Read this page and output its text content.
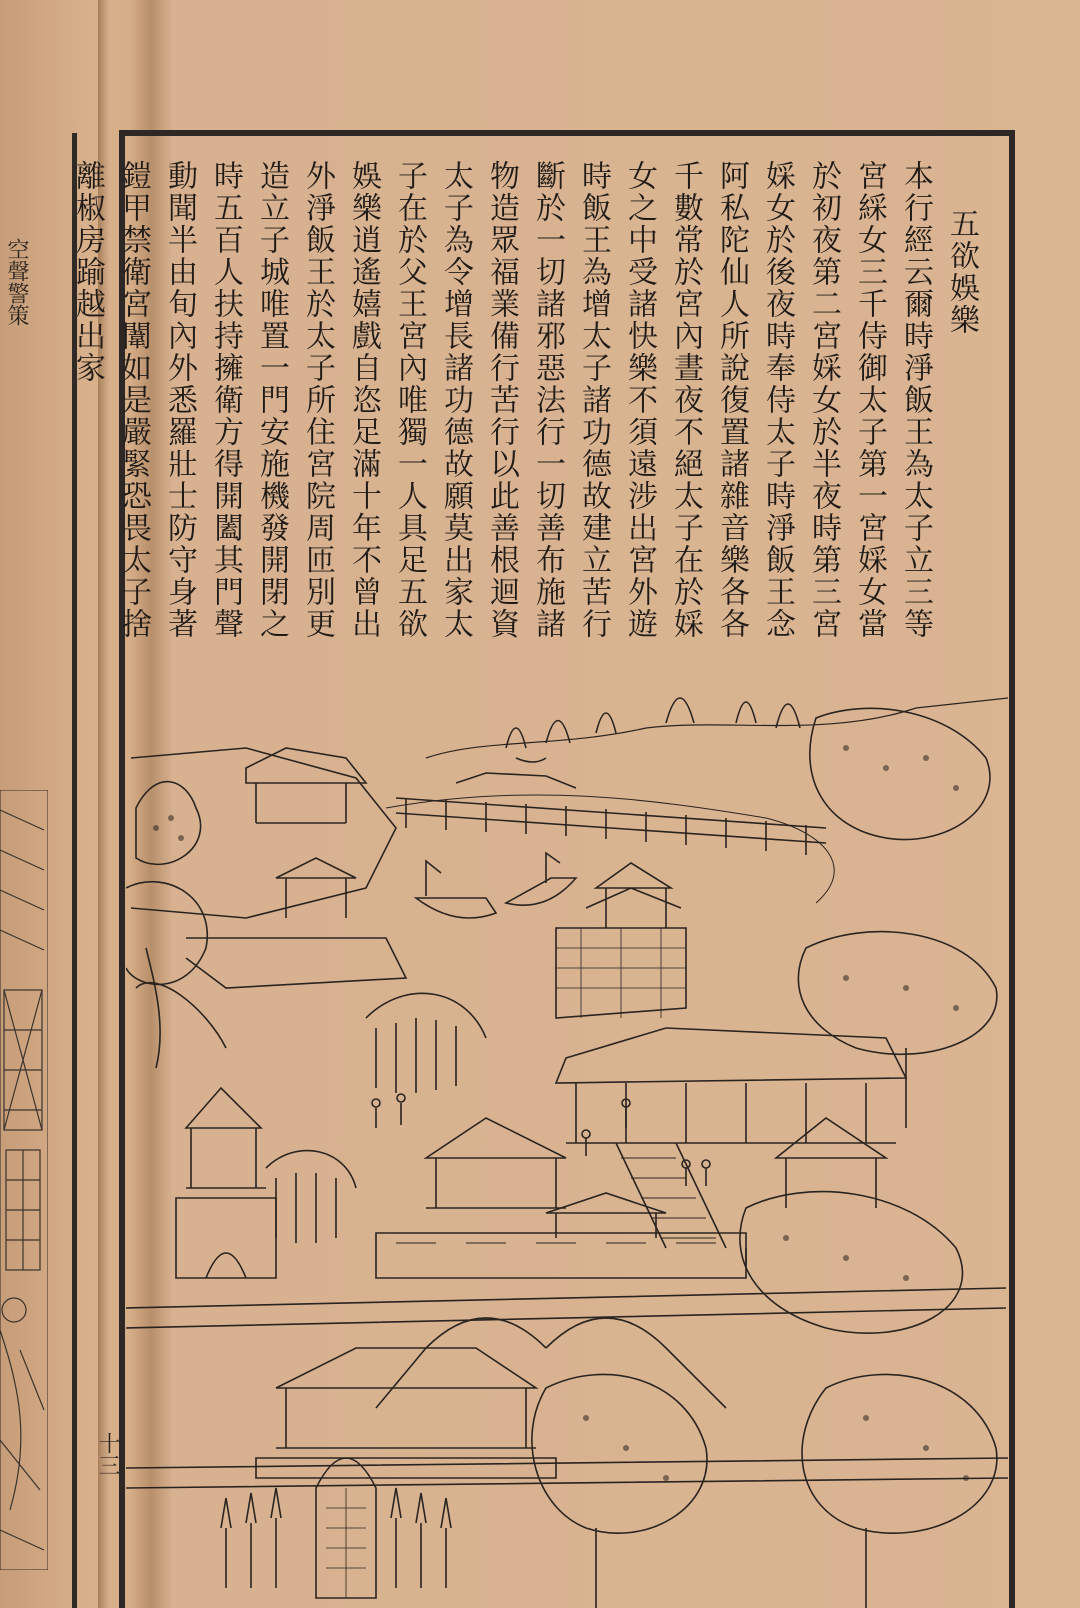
空聲警策
十三
五欲娛樂
本行經云爾時淨飯王為太子立三等
宮綵女三千侍御太子第一宮婇女當
於初夜第二宮婇女於半夜時第三宮
婇女於後夜時奉侍太子時淨飯王念
阿私陀仙人所說復置諸雜音樂各各
千數常於宮內晝夜不絕太子在於婇
女之中受諸快樂不須遠涉出宮外遊
時飯王為增太子諸功德故建立苦行
斷於一切諸邪惡法行一切善布施諸
物造眾福業備行苦行以此善根迴資
太子為令增長諸功德故願莫出家太
子在於父王宮內唯獨一人具足五欲
娛樂逍遙嬉戲自恣足滿十年不曾出
外淨飯王於太子所住宮院周匝別更
造立子城唯置一門安施機發開閉之
時五百人扶持擁衛方得開闔其門聲
動聞半由旬內外悉羅壯士防守身著
鎧甲禁衛宮闈如是嚴緊恐畏太子捨
離椒房踰越出家
